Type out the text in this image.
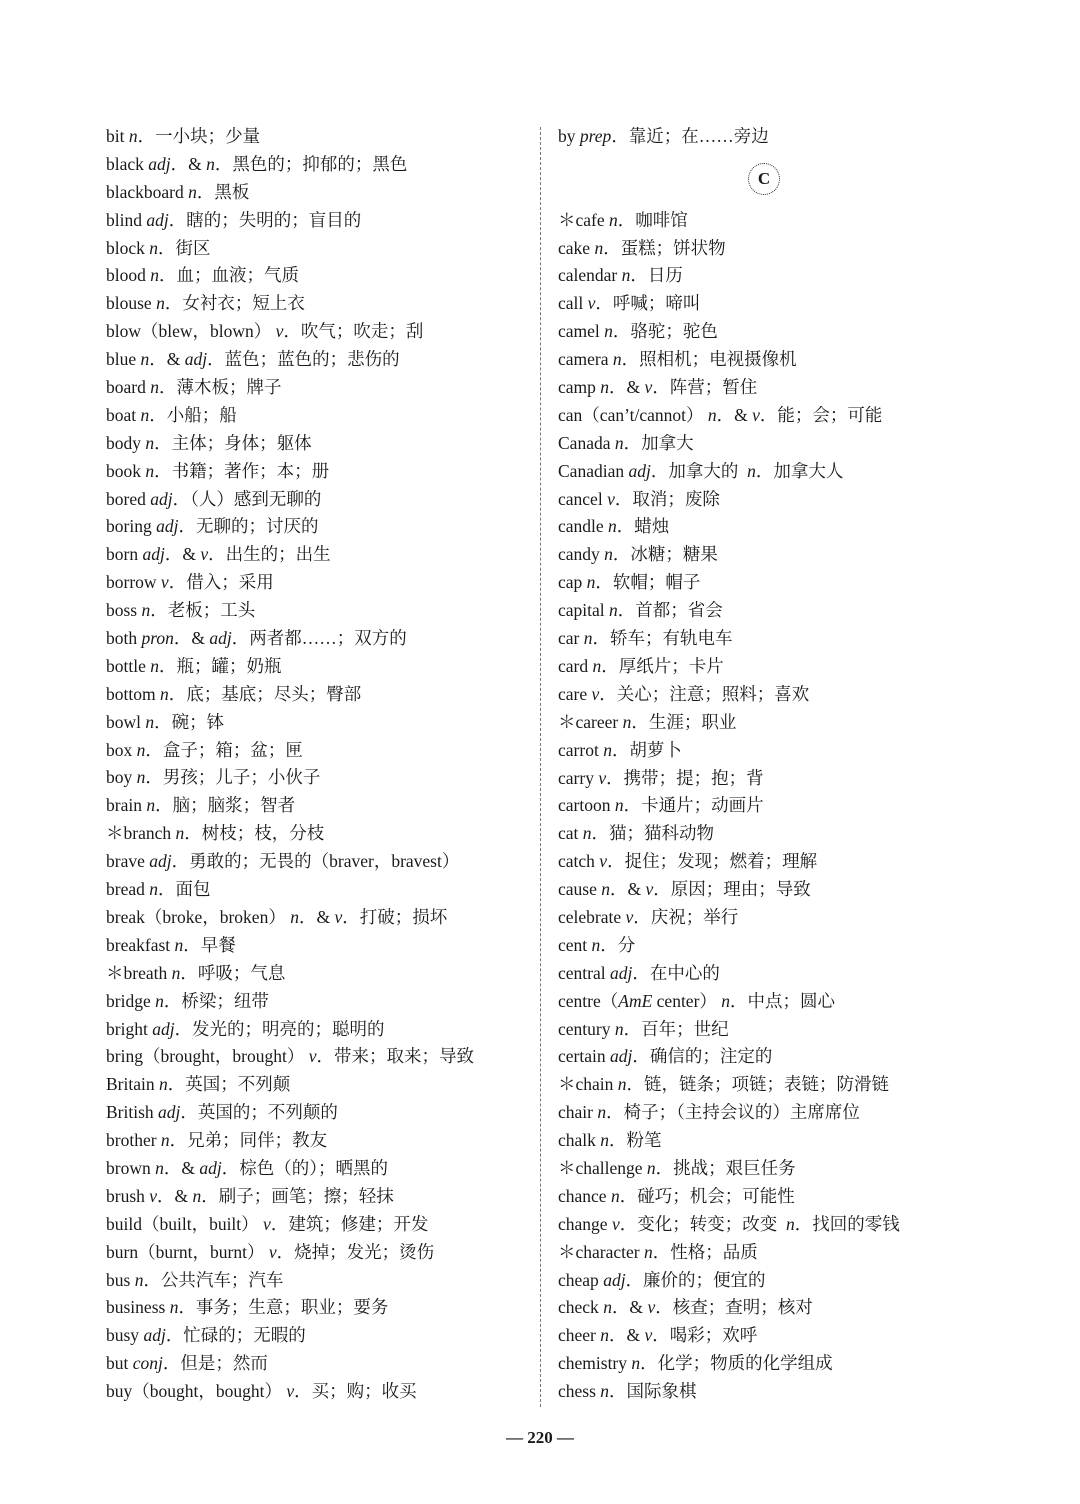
bit n．一小块；少量
black adj．& n．黑色的；抑郁的；黑色
blackboard n．黑板
blind adj．瞎的；失明的；盲目的
block n．街区
blood n．血；血液；气质
blouse n．女衬衣；短上衣
blow （blew，blown） v．吹气；吹走；刮
blue n．& adj．蓝色；蓝色的；悲伤的
board n．薄木板；牌子
boat n．小船；船
body n．主体；身体；躯体
book n．书籍；著作；本；册
bored adj．（人）感到无聊的
boring adj．无聊的；讨厌的
born adj．& v．出生的；出生
borrow v．借入；采用
boss n．老板；工头
both pron．& adj．两者都……；双方的
bottle n．瓶；罐；奶瓶
bottom n．底；基底；尽头；臀部
bowl n．碗；钵
box n．盒子；箱；盆；匣
boy n．男孩；儿子；小伙子
brain n．脑；脑浆；智者
＊branch n．树枝；枝，分枝
brave adj．勇敢的；无畏的（braver，bravest）
bread n．面包
break （broke，broken） n．& v．打破；损坏
breakfast n．早餐
＊breath n．呼吸；气息
bridge n．桥梁；纽带
bright adj．发光的；明亮的；聪明的
bring （brought，brought） v．带来；取来；导致
Britain n．英国；不列颠
British adj．英国的；不列颠的
brother n．兄弟；同伴；教友
brown n．& adj．棕色（的）；晒黑的
brush v．& n．刷子；画笔；擦；轻抹
build （built，built） v．建筑；修建；开发
burn （burnt，burnt） v．烧掉；发光；烫伤
bus n．公共汽车；汽车
business n．事务；生意；职业；要务
busy adj．忙碌的；无暇的
but conj．但是；然而
buy （bought，bought） v．买；购；收买
by prep．靠近；在……旁边
C
＊cafe n．咖啡馆
cake n．蛋糕；饼状物
calendar n．日历
call v．呼喊；啼叫
camel n．骆驼；驼色
camera n．照相机；电视摄像机
camp n．& v．阵营；暂住
can （can’t/cannot） n．& v．能；会；可能
Canada n．加拿大
Canadian adj．加拿大的  n．加拿大人
cancel v．取消；废除
candle n．蜡烛
candy n．冰糖；糖果
cap n．软帽；帽子
capital n．首都；省会
car n．轿车；有轨电车
card n．厚纸片；卡片
care v．关心；注意；照料；喜欢
＊career n．生涯；职业
carrot n．胡萝卜
carry v．携带；提；抱；背
cartoon n．卡通片；动画片
cat n．猫；猫科动物
catch v．捉住；发现；燃着；理解
cause n．& v．原因；理由；导致
celebrate v．庆祝；举行
cent n．分
central adj．在中心的
centre （AmE center） n．中点；圆心
century n．百年；世纪
certain adj．确信的；注定的
＊chain n．链，链条；项链；表链；防滑链
chair n．椅子；（主持会议的）主席席位
chalk n．粉笔
＊challenge n．挑战；艰巨任务
chance n．碰巧；机会；可能性
change v．变化；转变；改变  n．找回的零钱
＊character n．性格；品质
cheap adj．廉价的；便宜的
check n．& v．核查；查明；核对
cheer n．& v．喝彩；欢呼
chemistry n．化学；物质的化学组成
chess n．国际象棋
— 220 —
